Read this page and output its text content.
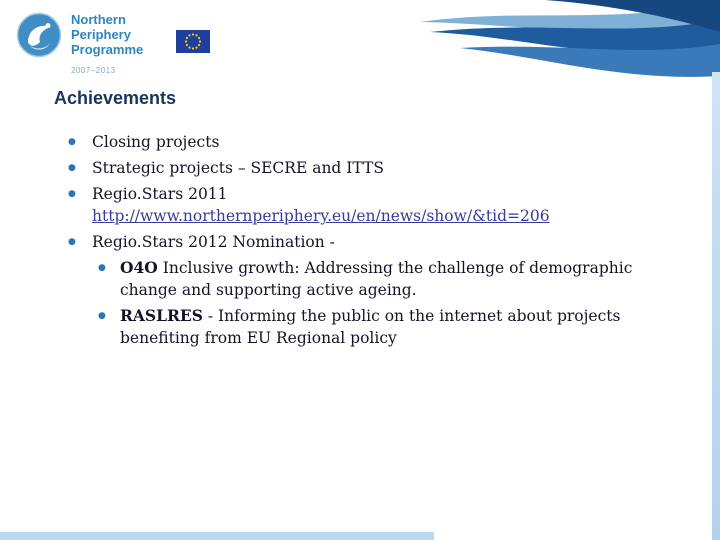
Northern
Periphery
Programme
2007–2013
Achievements
●	Closing projects
●	Strategic projects – SECRE and ITTS
●	Regio.Stars 2011
http://www.northernperiphery.eu/en/news/show/&tid=206
●	Regio.Stars 2012 Nomination -
● O4O Inclusive growth: Addressing the challenge of demographic change and supporting active ageing.
● RASLRES - Informing the public on the internet about projects benefiting from EU Regional policy
